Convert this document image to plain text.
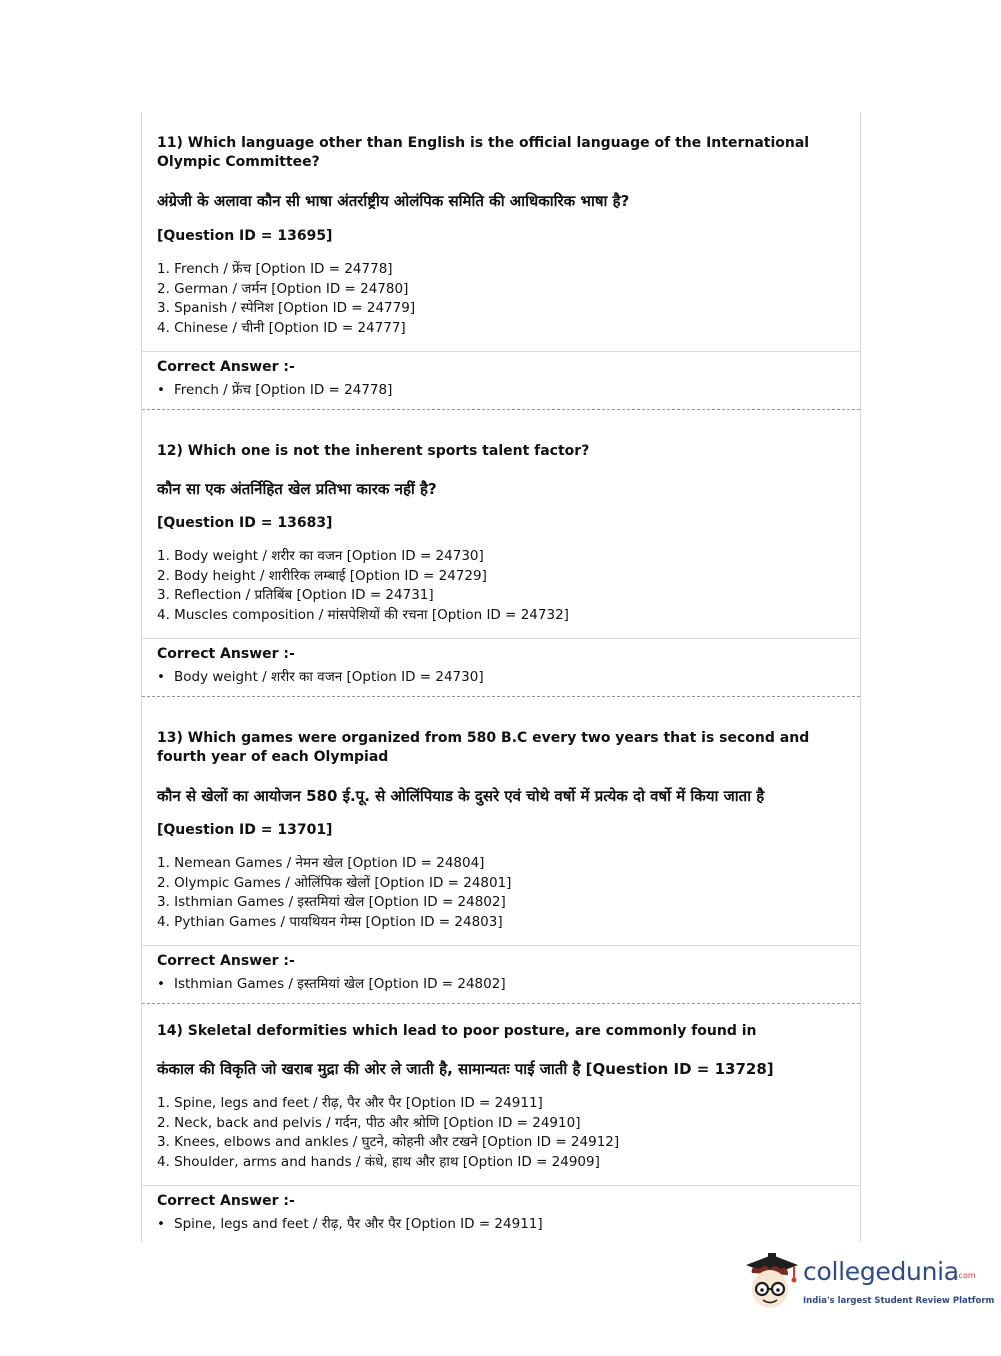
11) Which language other than English is the official language of the International Olympic Committee?
अंग्रेजी के अलावा कौन सी भाषा अंतर्राष्ट्रीय ओलंपिक समिति की आधिकारिक भाषा है?
[Question ID = 13695]
1. French / फ्रेंच [Option ID = 24778]
2. German / जर्मन [Option ID = 24780]
3. Spanish / स्पेनिश [Option ID = 24779]
4. Chinese / चीनी [Option ID = 24777]
Correct Answer :-
• French / फ्रेंच [Option ID = 24778]
12) Which one is not the inherent sports talent factor?
कौन सा एक अंतर्निहित खेल प्रतिभा कारक नहीं है?
[Question ID = 13683]
1. Body weight / शरीर का वजन [Option ID = 24730]
2. Body height / शारीरिक लम्बाई [Option ID = 24729]
3. Reflection / प्रतिबिंब [Option ID = 24731]
4. Muscles composition / मांसपेशियों की रचना [Option ID = 24732]
Correct Answer :-
• Body weight / शरीर का वजन [Option ID = 24730]
13) Which games were organized from 580 B.C every two years that is second and fourth year of each Olympiad
कौन से खेलों का आयोजन 580 ई.पू. से ओलिंपियाड के दुसरे एवं चोथे वर्षो में प्रत्येक दो वर्षो में किया जाता है
[Question ID = 13701]
1. Nemean Games / नेमन खेल [Option ID = 24804]
2. Olympic Games / ओलिंपिक खेलों [Option ID = 24801]
3. Isthmian Games / इस्तमियां खेल [Option ID = 24802]
4. Pythian Games / पायथियन गेम्स [Option ID = 24803]
Correct Answer :-
• Isthmian Games / इस्तमियां खेल [Option ID = 24802]
14) Skeletal deformities which lead to poor posture, are commonly found in
कंकाल की विकृति जो खराब मुद्रा की ओर ले जाती है, सामान्यतः पाई जाती है [Question ID = 13728]
1. Spine, legs and feet / रीढ़, पैर और पैर [Option ID = 24911]
2. Neck, back and pelvis / गर्दन, पीठ और श्रोणि [Option ID = 24910]
3. Knees, elbows and ankles / घुटने, कोहनी और टखने [Option ID = 24912]
4. Shoulder, arms and hands / कंधे, हाथ और हाथ [Option ID = 24909]
Correct Answer :-
• Spine, legs and feet / रीढ़, पैर और पैर [Option ID = 24911]
collegedunia
.com
India's largest Student Review Platform
